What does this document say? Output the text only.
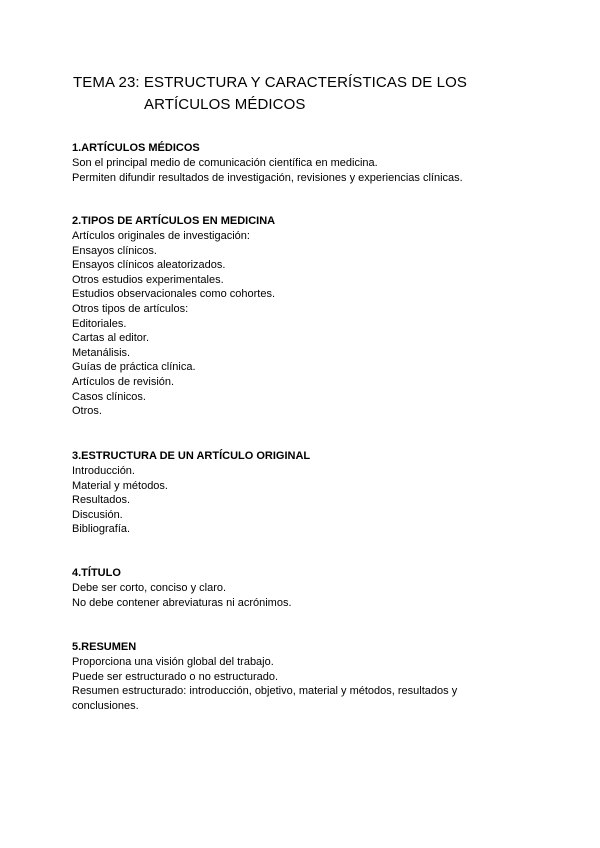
TEMA 23: ESTRUCTURA Y CARACTERÍSTICAS DE LOS
ARTÍCULOS MÉDICOS
1.ARTÍCULOS MÉDICOS
Son el principal medio de comunicación científica en medicina.
Permiten difundir resultados de investigación, revisiones y experiencias clínicas.
2.TIPOS DE ARTÍCULOS EN MEDICINA
Artículos originales de investigación:
Ensayos clínicos.
Ensayos clínicos aleatorizados.
Otros estudios experimentales.
Estudios observacionales como cohortes.
Otros tipos de artículos:
Editoriales.
Cartas al editor.
Metanálisis.
Guías de práctica clínica.
Artículos de revisión.
Casos clínicos.
Otros.
3.ESTRUCTURA DE UN ARTÍCULO ORIGINAL
Introducción.
Material y métodos.
Resultados.
Discusión.
Bibliografía.
4.TÍTULO
Debe ser corto, conciso y claro.
No debe contener abreviaturas ni acrónimos.
5.RESUMEN
Proporciona una visión global del trabajo.
Puede ser estructurado o no estructurado.
Resumen estructurado: introducción, objetivo, material y métodos, resultados y conclusiones.
